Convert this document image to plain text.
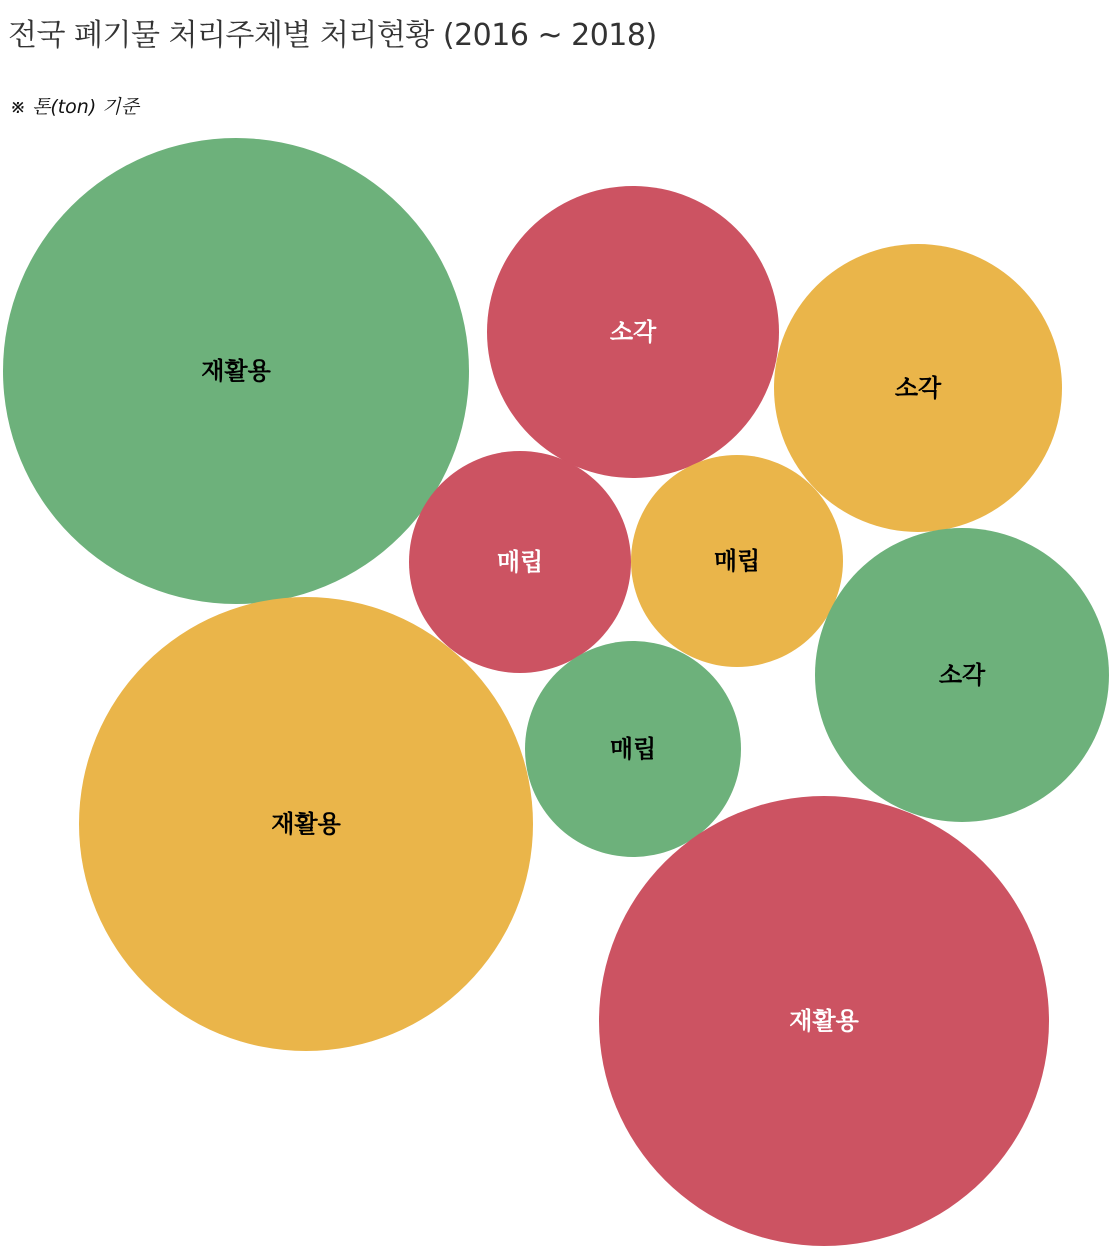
전국 폐기물 처리주체별 처리현황 (2016 ~ 2018)

※ 톤(ton) 기준

재활용
소각
소각
매립	매립
소각
재활용
매립
재활용
